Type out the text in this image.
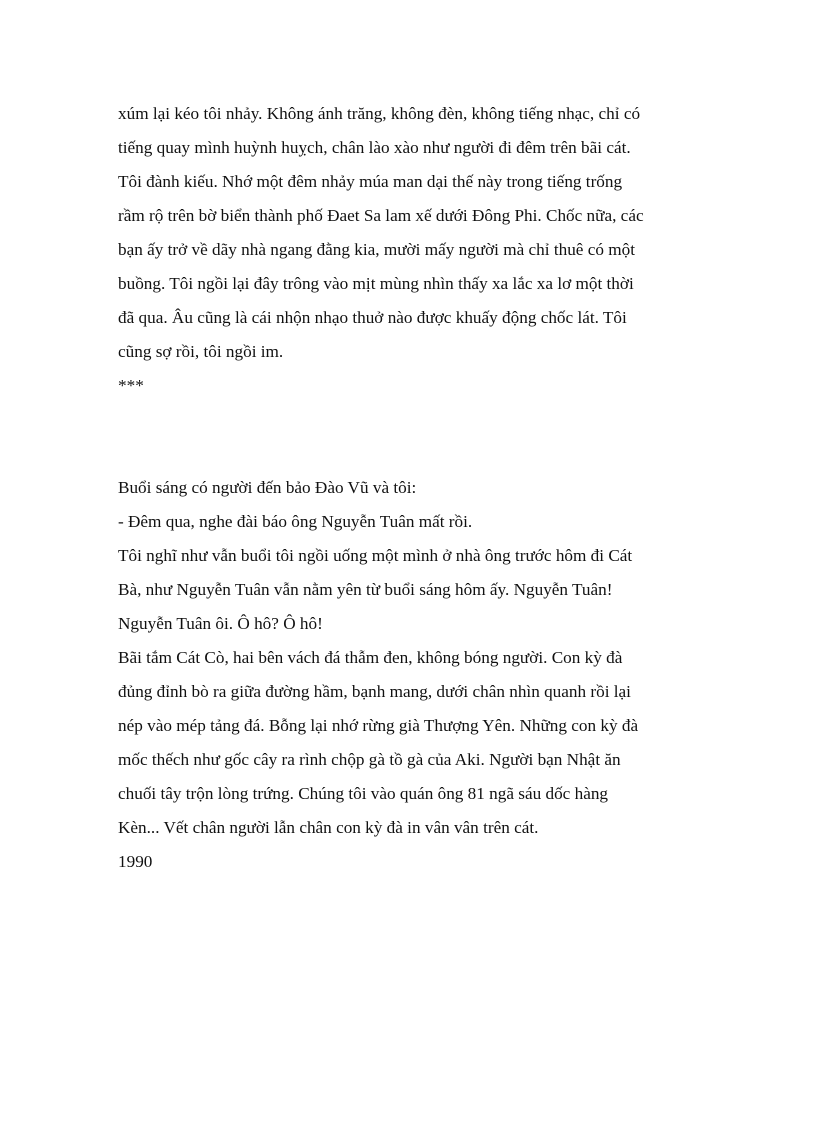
xúm lại kéo tôi nhảy. Không ánh trăng, không đèn, không tiếng nhạc, chỉ có
tiếng quay mình huỳnh huỵch, chân lào xào như người đi đêm trên bãi cát.
Tôi đành kiếu. Nhớ một đêm nhảy múa man dại thế này trong tiếng trống
rầm rộ trên bờ biển thành phố Đaet Sa lam xế dưới Đông Phi. Chốc nữa, các
bạn ấy trở về dãy nhà ngang đằng kia, mười mấy người mà chỉ thuê có một
buồng. Tôi ngồi lại đây trông vào mịt mùng nhìn thấy xa lắc xa lơ một thời
đã qua. Âu cũng là cái nhộn nhạo thuở nào được khuấy động chốc lát. Tôi
cũng sợ rồi, tôi ngồi im.
***
Buổi sáng có người đến bảo Đào Vũ và tôi:
- Đêm qua, nghe đài báo ông Nguyễn Tuân mất rồi.
Tôi nghĩ như vẫn buổi tôi ngồi uống một mình ở nhà ông trước hôm đi Cát
Bà, như Nguyễn Tuân vẫn nằm yên từ buổi sáng hôm ấy. Nguyễn Tuân!
Nguyễn Tuân ôi. Ô hô? Ô hô!
Bãi tắm Cát Cò, hai bên vách đá thẫm đen, không bóng người. Con kỳ đà
đủng đỉnh bò ra giữa đường hầm, bạnh mang, dưới chân nhìn quanh rồi lại
nép vào mép tảng đá. Bỗng lại nhớ rừng già Thượng Yên. Những con kỳ đà
mốc thếch như gốc cây ra rình chộp gà tồ gà của Aki. Người bạn Nhật ăn
chuối tây trộn lòng trứng. Chúng tôi vào quán ông 81 ngã sáu dốc hàng
Kèn... Vết chân người lẫn chân con kỳ đà in vân vân trên cát.
1990
